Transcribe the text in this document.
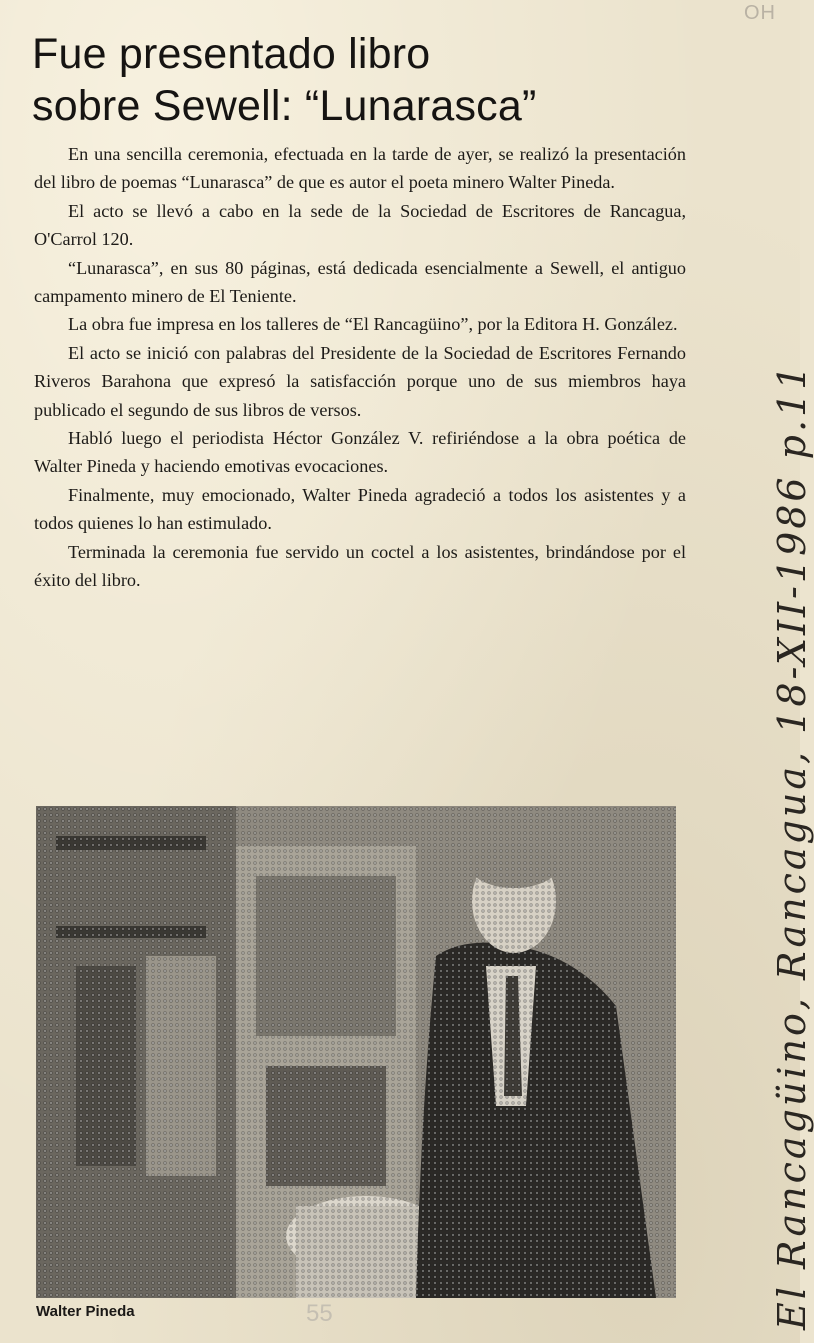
OH
Fue presentado libro
sobre Sewell: “Lunarasca”

En una sencilla ceremonia, efectuada en la tarde de ayer, se realizó la presentación del libro de poemas “Lunarasca” de que es autor el poeta minero Walter Pineda.

El acto se llevó a cabo en la sede de la Sociedad de Escritores de Rancagua, O'Carrol 120.

“Lunarasca”, en sus 80 páginas, está dedicada esencialmente a Sewell, el antiguo campamento minero de El Teniente.

La obra fue impresa en los talleres de “El Rancagüino”, por la Editora H. González.

El acto se inició con palabras del Presidente de la Sociedad de Escritores Fernando Riveros Barahona que expresó la satisfacción porque uno de sus miembros haya publicado el segundo de sus libros de versos.

Habló luego el periodista Héctor González V. refiriéndose a la obra poética de Walter Pineda y haciendo emotivas evocaciones.

Finalmente, muy emocionado, Walter Pineda agradeció a todos los asistentes y a todos quienes lo han estimulado.

Terminada la ceremonia fue servido un coctel a los asistentes, brindándose por el éxito del libro.

Walter Pineda	55	El Rancagüino, Rancagua, 18-XII-1986 p.11
